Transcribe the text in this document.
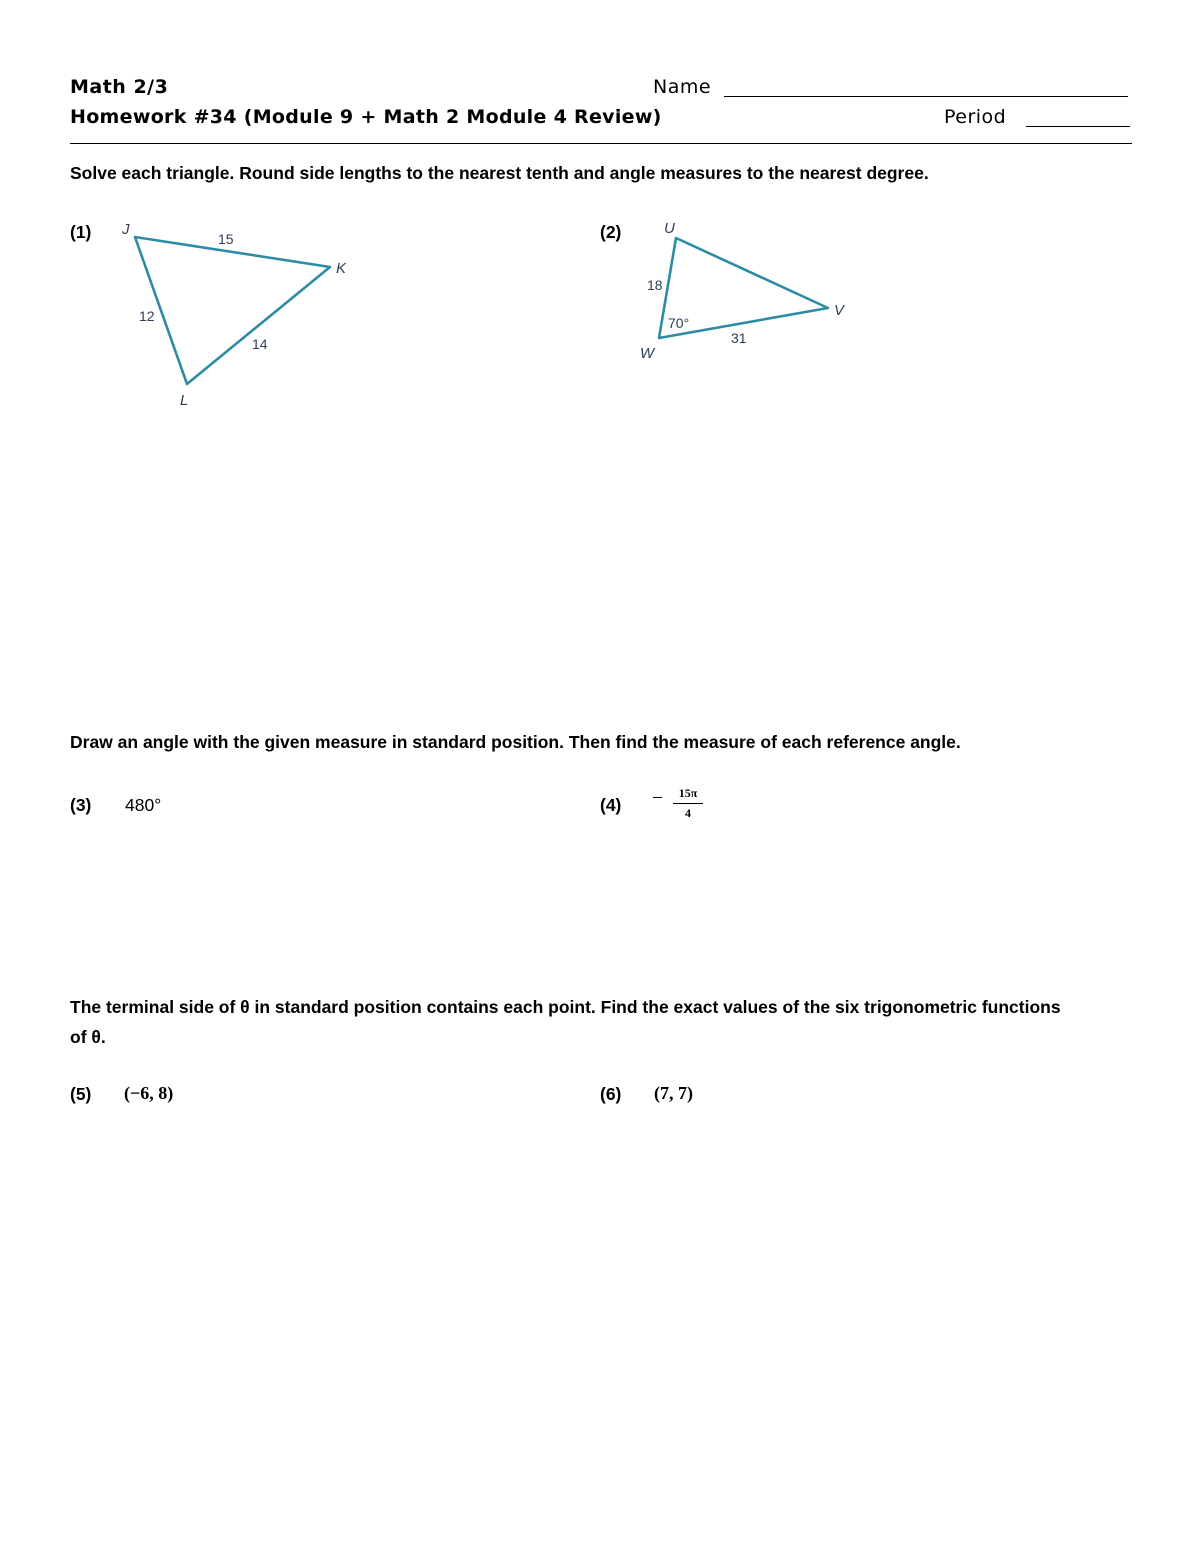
Math 2/3
Homework #34 (Module 9 + Math 2 Module 4 Review)
Name
Period
Solve each triangle. Round side lengths to the nearest tenth and angle measures to the nearest degree.
(1) J
K
L
15
12
14
(2)	U
V
W
18
31
70°
Draw an angle with the given measure in standard position. Then find the measure of each reference angle.
(3) 480°	(4) −	15π
4
The terminal side of θ in standard position contains each point. Find the exact values of the six trigonometric functions of θ.
(5) (−6, 8)	(6) (7, 7)
